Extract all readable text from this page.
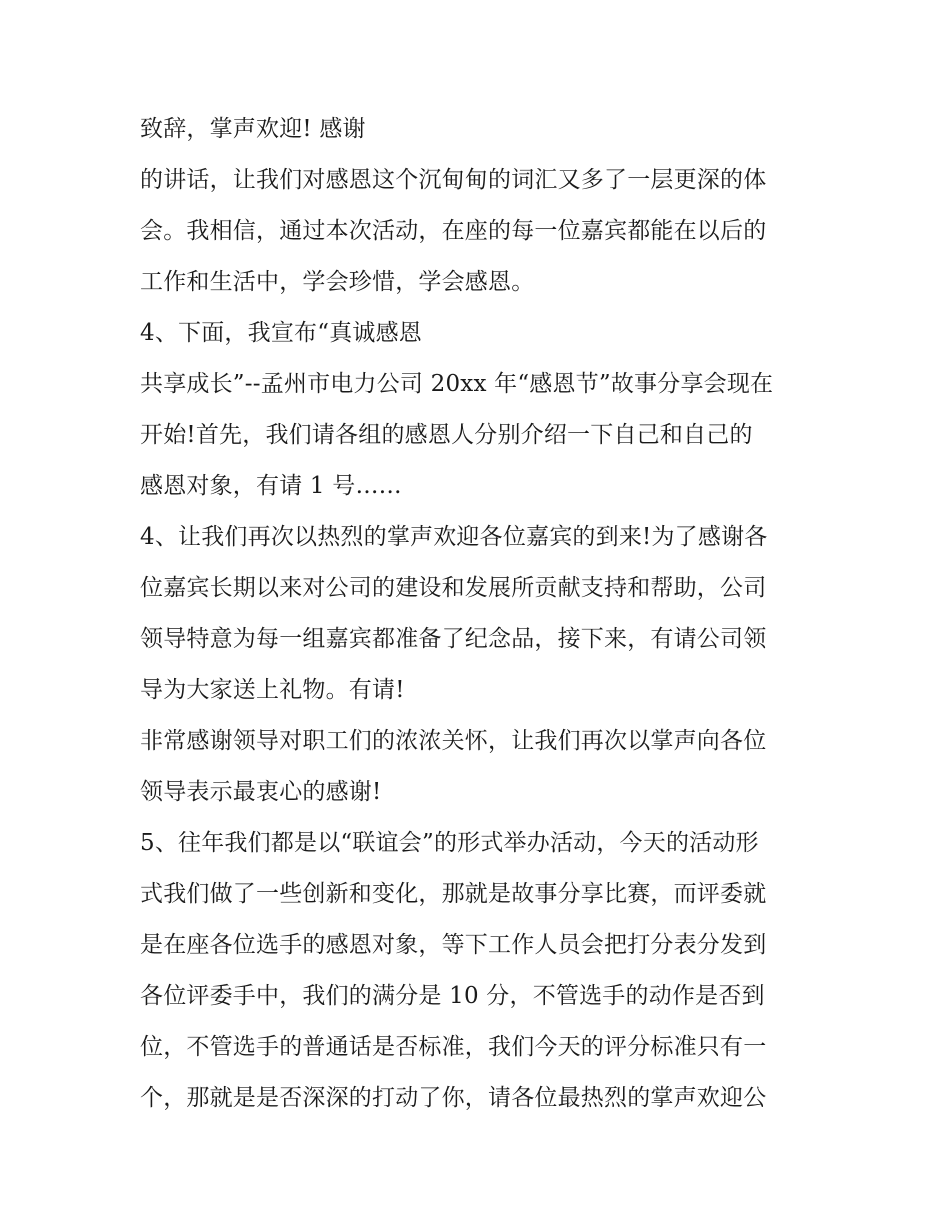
致辞，掌声欢迎! 感谢
的讲话，让我们对感恩这个沉甸甸的词汇又多了一层更深的体
会。我相信，通过本次活动，在座的每一位嘉宾都能在以后的
工作和生活中，学会珍惜，学会感恩。
4、下面，我宣布“真诚感恩
共享成长”--孟州市电力公司 20xx 年“感恩节”故事分享会现在
开始!首先，我们请各组的感恩人分别介绍一下自己和自己的
感恩对象，有请 1 号……
4、让我们再次以热烈的掌声欢迎各位嘉宾的到来!为了感谢各
位嘉宾长期以来对公司的建设和发展所贡献支持和帮助，公司
领导特意为每一组嘉宾都准备了纪念品，接下来，有请公司领
导为大家送上礼物。有请!
非常感谢领导对职工们的浓浓关怀，让我们再次以掌声向各位
领导表示最衷心的感谢!
5、往年我们都是以“联谊会”的形式举办活动，今天的活动形
式我们做了一些创新和变化，那就是故事分享比赛，而评委就
是在座各位选手的感恩对象，等下工作人员会把打分表分发到
各位评委手中，我们的满分是 10 分，不管选手的动作是否到
位，不管选手的普通话是否标准，我们今天的评分标准只有一
个，那就是是否深深的打动了你，请各位最热烈的掌声欢迎公
